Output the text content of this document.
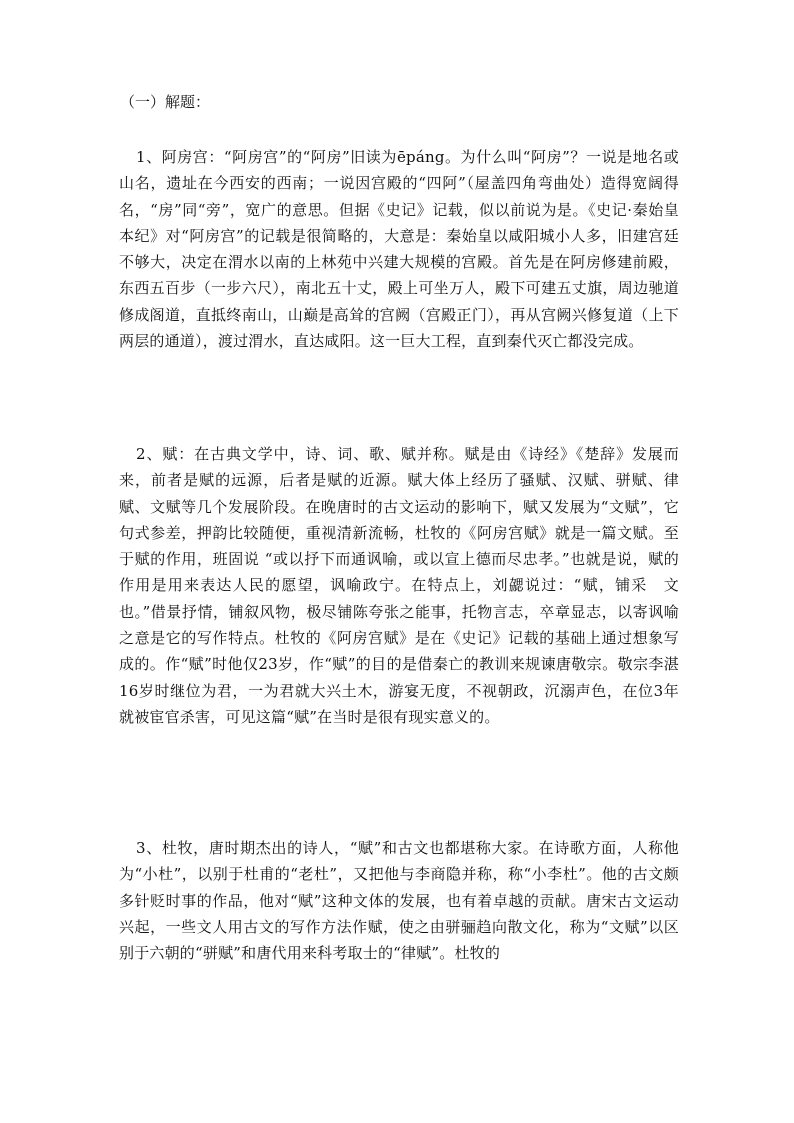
（一）解题：
1、阿房宫：“阿房宫”的“阿房”旧读为ēpáng。为什么叫“阿房”？一说是地名或山名，遗址在今西安的西南；一说因宫殿的“四阿”（屋盖四角弯曲处）造得宽阔得名，“房”同“旁”，宽广的意思。但据《史记》记载，似以前说为是。《史记·秦始皇本纪》对“阿房宫”的记载是很简略的，大意是：秦始皇以咸阳城小人多，旧建宫廷不够大，决定在渭水以南的上林苑中兴建大规模的宫殿。首先是在阿房修建前殿，东西五百步（一步六尺），南北五十丈，殿上可坐万人，殿下可建五丈旗，周边驰道修成阁道，直抵终南山，山巅是高耸的宫阙（宫殿正门），再从宫阙兴修复道（上下两层的通道），渡过渭水，直达咸阳。这一巨大工程，直到秦代灭亡都没完成。
2、赋：在古典文学中，诗、词、歌、赋并称。赋是由《诗经》《楚辞》发展而来，前者是赋的远源，后者是赋的近源。赋大体上经历了骚赋、汉赋、骈赋、律赋、文赋等几个发展阶段。在晚唐时的古文运动的影响下，赋又发展为“文赋”，它句式参差，押韵比较随便，重视清新流畅，杜牧的《阿房宫赋》就是一篇文赋。至于赋的作用，班固说 “或以抒下而通讽喻，或以宣上德而尽忠孝。”也就是说，赋的作用是用来表达人民的愿望，讽喻政宁。在特点上，刘勰说过：“赋，铺采　文也。”借景抒情，铺叙风物，极尽铺陈夸张之能事，托物言志，卒章显志，以寄讽喻之意是它的写作特点。杜牧的《阿房宫赋》是在《史记》记载的基础上通过想象写成的。作“赋”时他仅23岁，作“赋”的目的是借秦亡的教训来规谏唐敬宗。敬宗李湛16岁时继位为君，一为君就大兴土木，游宴无度，不视朝政，沉溺声色，在位3年就被宦官杀害，可见这篇“赋”在当时是很有现实意义的。
3、杜牧，唐时期杰出的诗人，“赋”和古文也都堪称大家。在诗歌方面，人称他为“小杜”，以别于杜甫的“老杜”，又把他与李商隐并称，称“小李杜”。他的古文颇多针贬时事的作品，他对“赋”这种文体的发展，也有着卓越的贡献。唐宋古文运动兴起，一些文人用古文的写作方法作赋，使之由骈骊趋向散文化，称为“文赋”以区别于六朝的“骈赋”和唐代用来科考取士的“律赋”。杜牧的
